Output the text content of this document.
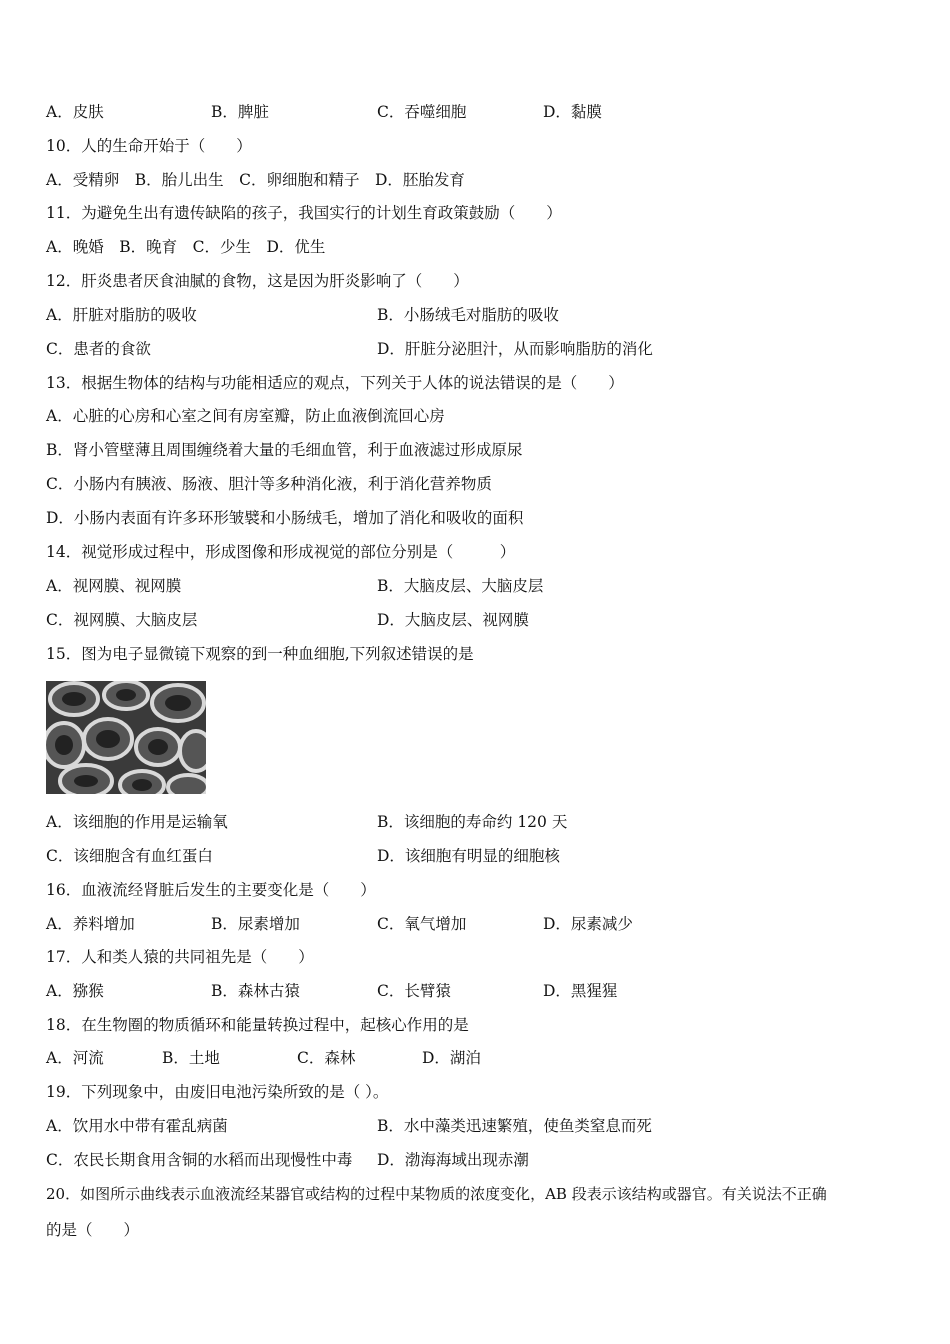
A．皮肤	B．脾脏	C．吞噬细胞	D．黏膜
10．人的生命开始于（　　）
A．受精卵　B．胎儿出生　C．卵细胞和精子　D．胚胎发育
11．为避免生出有遗传缺陷的孩子，我国实行的计划生育政策鼓励（　　）
A．晚婚　B．晚育　C．少生　D．优生
12．肝炎患者厌食油腻的食物，这是因为肝炎影响了（　　）
A．肝脏对脂肪的吸收	B．小肠绒毛对脂肪的吸收
C．患者的食欲	D．肝脏分泌胆汁，从而影响脂肪的消化
13．根据生物体的结构与功能相适应的观点，下列关于人体的说法错误的是（　　）
A．心脏的心房和心室之间有房室瓣，防止血液倒流回心房
B．肾小管壁薄且周围缠绕着大量的毛细血管，利于血液滤过形成原尿
C．小肠内有胰液、肠液、胆汁等多种消化液，利于消化营养物质
D．小肠内表面有许多环形皱襞和小肠绒毛，增加了消化和吸收的面积
14．视觉形成过程中，形成图像和形成视觉的部位分别是（　　　）
A．视网膜、视网膜	B．大脑皮层、大脑皮层
C．视网膜、大脑皮层	D．大脑皮层、视网膜
15．图为电子显微镜下观察的到一种血细胞,下列叙述错误的是
A．该细胞的作用是运输氧	B．该细胞的寿命约 120 天
C．该细胞含有血红蛋白	D．该细胞有明显的细胞核
16．血液流经肾脏后发生的主要变化是（　　）
A．养料增加	B．尿素增加	C．氧气增加	D．尿素减少
17．人和类人猿的共同祖先是（　　）
A．猕猴	B．森林古猿	C．长臂猿	D．黑猩猩
18．在生物圈的物质循环和能量转换过程中，起核心作用的是
A．河流	B．土地	C．森林	D．湖泊
19．下列现象中，由废旧电池污染所致的是（ ）。
A．饮用水中带有霍乱病菌	B．水中藻类迅速繁殖，使鱼类窒息而死
C．农民长期食用含铜的水稻而出现慢性中毒 D．渤海海域出现赤潮
20．如图所示曲线表示血液流经某器官或结构的过程中某物质的浓度变化，AB 段表示该结构或器官。有关说法不正确
的是（　　）
